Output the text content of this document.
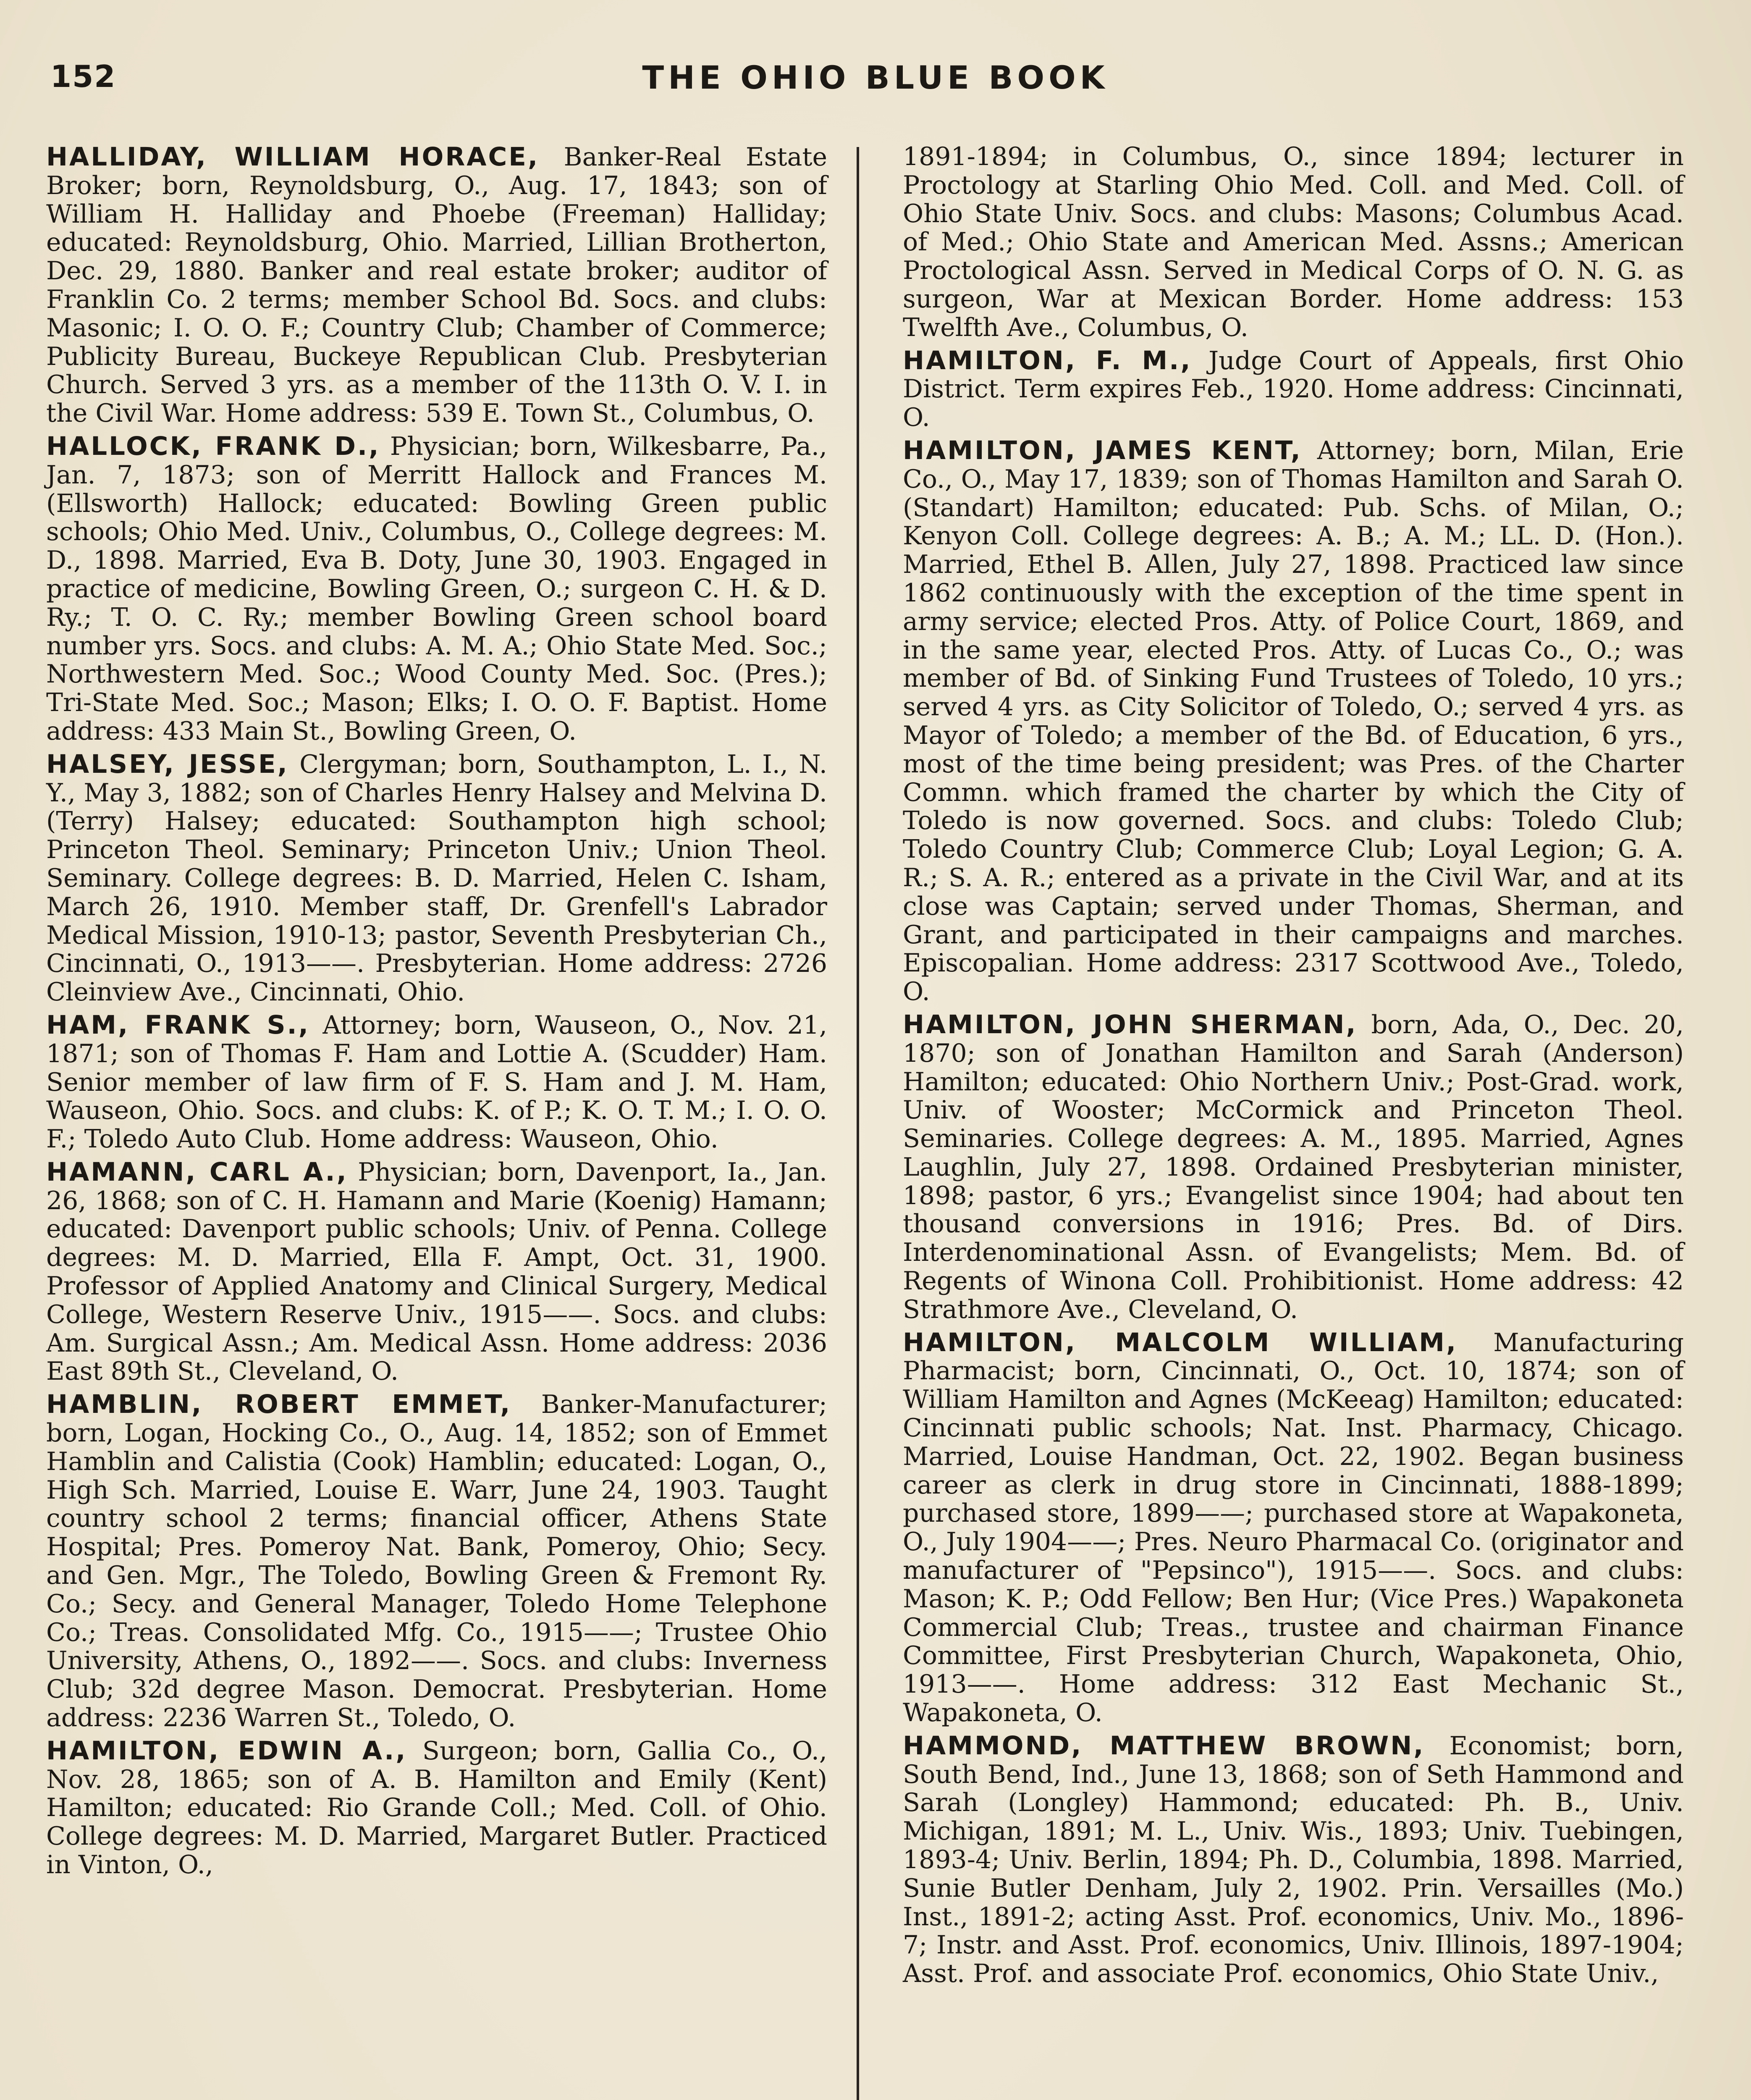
152	THE OHIO BLUE BOOK

HALLIDAY, WILLIAM HORACE, Banker-Real Estate Broker; born, Reynoldsburg, O., Aug. 17, 1843; son of William H. Halliday and Phoebe (Freeman) Halliday; educated: Reynoldsburg, Ohio. Married, Lillian Brotherton, Dec. 29, 1880. Banker and real estate broker; auditor of Franklin Co. 2 terms; member School Bd. Socs. and clubs: Masonic; I. O. O. F.; Country Club; Chamber of Commerce; Publicity Bureau, Buckeye Republican Club. Presbyterian Church. Served 3 yrs. as a member of the 113th O. V. I. in the Civil War. Home address: 539 E. Town St., Columbus, O.

HALLOCK, FRANK D., Physician; born, Wilkesbarre, Pa., Jan. 7, 1873; son of Merritt Hallock and Frances M. (Ellsworth) Hallock; educated: Bowling Green public schools; Ohio Med. Univ., Columbus, O., College degrees: M. D., 1898. Married, Eva B. Doty, June 30, 1903. Engaged in practice of medicine, Bowling Green, O.; surgeon C. H. & D. Ry.; T. O. C. Ry.; member Bowling Green school board number yrs. Socs. and clubs: A. M. A.; Ohio State Med. Soc.; Northwestern Med. Soc.; Wood County Med. Soc. (Pres.); Tri-State Med. Soc.; Mason; Elks; I. O. O. F. Baptist. Home address: 433 Main St., Bowling Green, O.

HALSEY, JESSE, Clergyman; born, Southampton, L. I., N. Y., May 3, 1882; son of Charles Henry Halsey and Melvina D. (Terry) Halsey; educated: Southampton high school; Princeton Theol. Seminary; Princeton Univ.; Union Theol. Seminary. College degrees: B. D. Married, Helen C. Isham, March 26, 1910. Member staff, Dr. Grenfell's Labrador Medical Mission, 1910-13; pastor, Seventh Presbyterian Ch., Cincinnati, O., 1913——. Presbyterian. Home address: 2726 Cleinview Ave., Cincinnati, Ohio.

HAM, FRANK S., Attorney; born, Wauseon, O., Nov. 21, 1871; son of Thomas F. Ham and Lottie A. (Scudder) Ham. Senior member of law firm of F. S. Ham and J. M. Ham, Wauseon, Ohio. Socs. and clubs: K. of P.; K. O. T. M.; I. O. O. F.; Toledo Auto Club. Home address: Wauseon, Ohio.

HAMANN, CARL A., Physician; born, Davenport, Ia., Jan. 26, 1868; son of C. H. Hamann and Marie (Koenig) Hamann; educated: Davenport public schools; Univ. of Penna. College degrees: M. D. Married, Ella F. Ampt, Oct. 31, 1900. Professor of Applied Anatomy and Clinical Surgery, Medical College, Western Reserve Univ., 1915——. Socs. and clubs: Am. Surgical Assn.; Am. Medical Assn. Home address: 2036 East 89th St., Cleveland, O.

HAMBLIN, ROBERT EMMET, Banker-Manufacturer; born, Logan, Hocking Co., O., Aug. 14, 1852; son of Emmet Hamblin and Calistia (Cook) Hamblin; educated: Logan, O., High Sch. Married, Louise E. Warr, June 24, 1903. Taught country school 2 terms; financial officer, Athens State Hospital; Pres. Pomeroy Nat. Bank, Pomeroy, Ohio; Secy. and Gen. Mgr., The Toledo, Bowling Green & Fremont Ry. Co.; Secy. and General Manager, Toledo Home Telephone Co.; Treas. Consolidated Mfg. Co., 1915——; Trustee Ohio University, Athens, O., 1892——. Socs. and clubs: Inverness Club; 32d degree Mason. Democrat. Presbyterian. Home address: 2236 Warren St., Toledo, O.

HAMILTON, EDWIN A., Surgeon; born, Gallia Co., O., Nov. 28, 1865; son of A. B. Hamilton and Emily (Kent) Hamilton; educated: Rio Grande Coll.; Med. Coll. of Ohio. College degrees: M. D. Married, Margaret Butler. Practiced in Vinton, O.,

1891-1894; in Columbus, O., since 1894; lecturer in Proctology at Starling Ohio Med. Coll. and Med. Coll. of Ohio State Univ. Socs. and clubs: Masons; Columbus Acad. of Med.; Ohio State and American Med. Assns.; American Proctological Assn. Served in Medical Corps of O. N. G. as surgeon, War at Mexican Border. Home address: 153 Twelfth Ave., Columbus, O.

HAMILTON, F. M., Judge Court of Appeals, first Ohio District. Term expires Feb., 1920. Home address: Cincinnati, O.

HAMILTON, JAMES KENT, Attorney; born, Milan, Erie Co., O., May 17, 1839; son of Thomas Hamilton and Sarah O. (Standart) Hamilton; educated: Pub. Schs. of Milan, O.; Kenyon Coll. College degrees: A. B.; A. M.; LL. D. (Hon.). Married, Ethel B. Allen, July 27, 1898. Practiced law since 1862 continuously with the exception of the time spent in army service; elected Pros. Atty. of Police Court, 1869, and in the same year, elected Pros. Atty. of Lucas Co., O.; was member of Bd. of Sinking Fund Trustees of Toledo, 10 yrs.; served 4 yrs. as City Solicitor of Toledo, O.; served 4 yrs. as Mayor of Toledo; a member of the Bd. of Education, 6 yrs., most of the time being president; was Pres. of the Charter Commn. which framed the charter by which the City of Toledo is now governed. Socs. and clubs: Toledo Club; Toledo Country Club; Commerce Club; Loyal Legion; G. A. R.; S. A. R.; entered as a private in the Civil War, and at its close was Captain; served under Thomas, Sherman, and Grant, and participated in their campaigns and marches. Episcopalian. Home address: 2317 Scottwood Ave., Toledo, O.

HAMILTON, JOHN SHERMAN, born, Ada, O., Dec. 20, 1870; son of Jonathan Hamilton and Sarah (Anderson) Hamilton; educated: Ohio Northern Univ.; Post-Grad. work, Univ. of Wooster; McCormick and Princeton Theol. Seminaries. College degrees: A. M., 1895. Married, Agnes Laughlin, July 27, 1898. Ordained Presbyterian minister, 1898; pastor, 6 yrs.; Evangelist since 1904; had about ten thousand conversions in 1916; Pres. Bd. of Dirs. Interdenominational Assn. of Evangelists; Mem. Bd. of Regents of Winona Coll. Prohibitionist. Home address: 42 Strathmore Ave., Cleveland, O.

HAMILTON, MALCOLM WILLIAM, Manufacturing Pharmacist; born, Cincinnati, O., Oct. 10, 1874; son of William Hamilton and Agnes (McKeeag) Hamilton; educated: Cincinnati public schools; Nat. Inst. Pharmacy, Chicago. Married, Louise Handman, Oct. 22, 1902. Began business career as clerk in drug store in Cincinnati, 1888-1899; purchased store, 1899——; purchased store at Wapakoneta, O., July 1904——; Pres. Neuro Pharmacal Co. (originator and manufacturer of "Pepsinco"), 1915——. Socs. and clubs: Mason; K. P.; Odd Fellow; Ben Hur; (Vice Pres.) Wapakoneta Commercial Club; Treas., trustee and chairman Finance Committee, First Presbyterian Church, Wapakoneta, Ohio, 1913——. Home address: 312 East Mechanic St., Wapakoneta, O.

HAMMOND, MATTHEW BROWN, Economist; born, South Bend, Ind., June 13, 1868; son of Seth Hammond and Sarah (Longley) Hammond; educated: Ph. B., Univ. Michigan, 1891; M. L., Univ. Wis., 1893; Univ. Tuebingen, 1893-4; Univ. Berlin, 1894; Ph. D., Columbia, 1898. Married, Sunie Butler Denham, July 2, 1902. Prin. Versailles (Mo.) Inst., 1891-2; acting Asst. Prof. economics, Univ. Mo., 1896-7; Instr. and Asst. Prof. economics, Univ. Illinois, 1897-1904; Asst. Prof. and associate Prof. economics, Ohio State Univ.,
